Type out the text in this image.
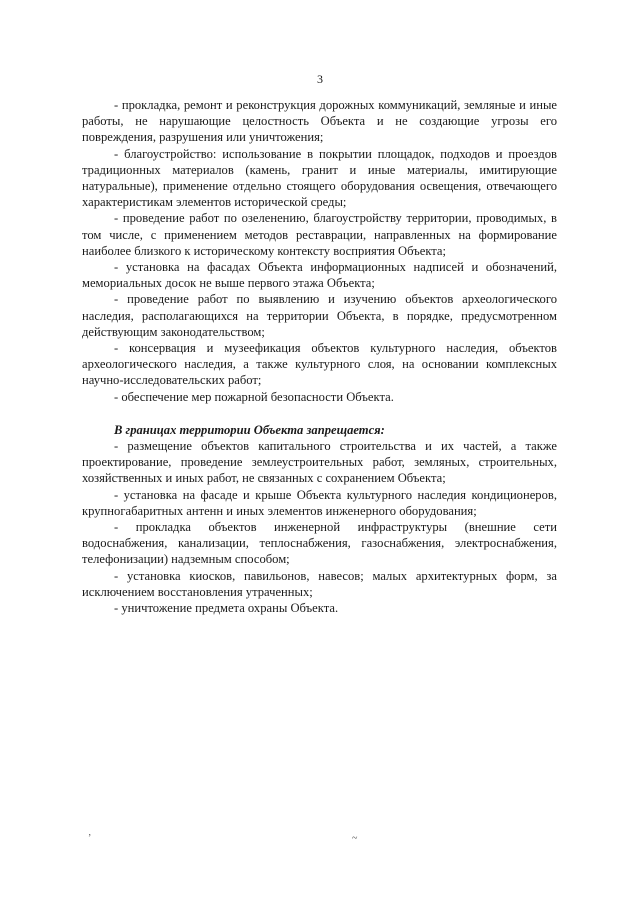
3

- прокладка, ремонт и реконструкция дорожных коммуникаций, земляные и иные работы, не нарушающие целостность Объекта и не создающие угрозы его повреждения, разрушения или уничтожения;

- благоустройство: использование в покрытии площадок, подходов и проездов традиционных материалов (камень, гранит и иные материалы, имитирующие натуральные), применение отдельно стоящего оборудования освещения, отвечающего характеристикам элементов исторической среды;

- проведение работ по озеленению, благоустройству территории, проводимых, в том числе, с применением методов реставрации, направленных на формирование наиболее близкого к историческому контексту восприятия Объекта;

- установка на фасадах Объекта информационных надписей и обозначений, мемориальных досок не выше первого этажа Объекта;

- проведение работ по выявлению и изучению объектов археологического наследия, располагающихся на территории Объекта, в порядке, предусмотренном действующим законодательством;

- консервация и музеефикация объектов культурного наследия, объектов археологического наследия, а также культурного слоя, на основании комплексных научно-исследовательских работ;

- обеспечение мер пожарной безопасности Объекта.

В границах территории Объекта запрещается:

- размещение объектов капитального строительства и их частей, а также проектирование, проведение землеустроительных работ, земляных, строительных, хозяйственных и иных работ, не связанных с сохранением Объекта;

- установка на фасаде и крыше Объекта культурного наследия кондиционеров, крупногабаритных антенн и иных элементов инженерного оборудования;

- прокладка объектов инженерной инфраструктуры (внешние сети водоснабжения, канализации, теплоснабжения, газоснабжения, электроснабжения, телефонизации) надземным способом;

- установка киосков, павильонов, навесов; малых архитектурных форм, за исключением восстановления утраченных;

- уничтожение предмета охраны Объекта.

ʼ	~
